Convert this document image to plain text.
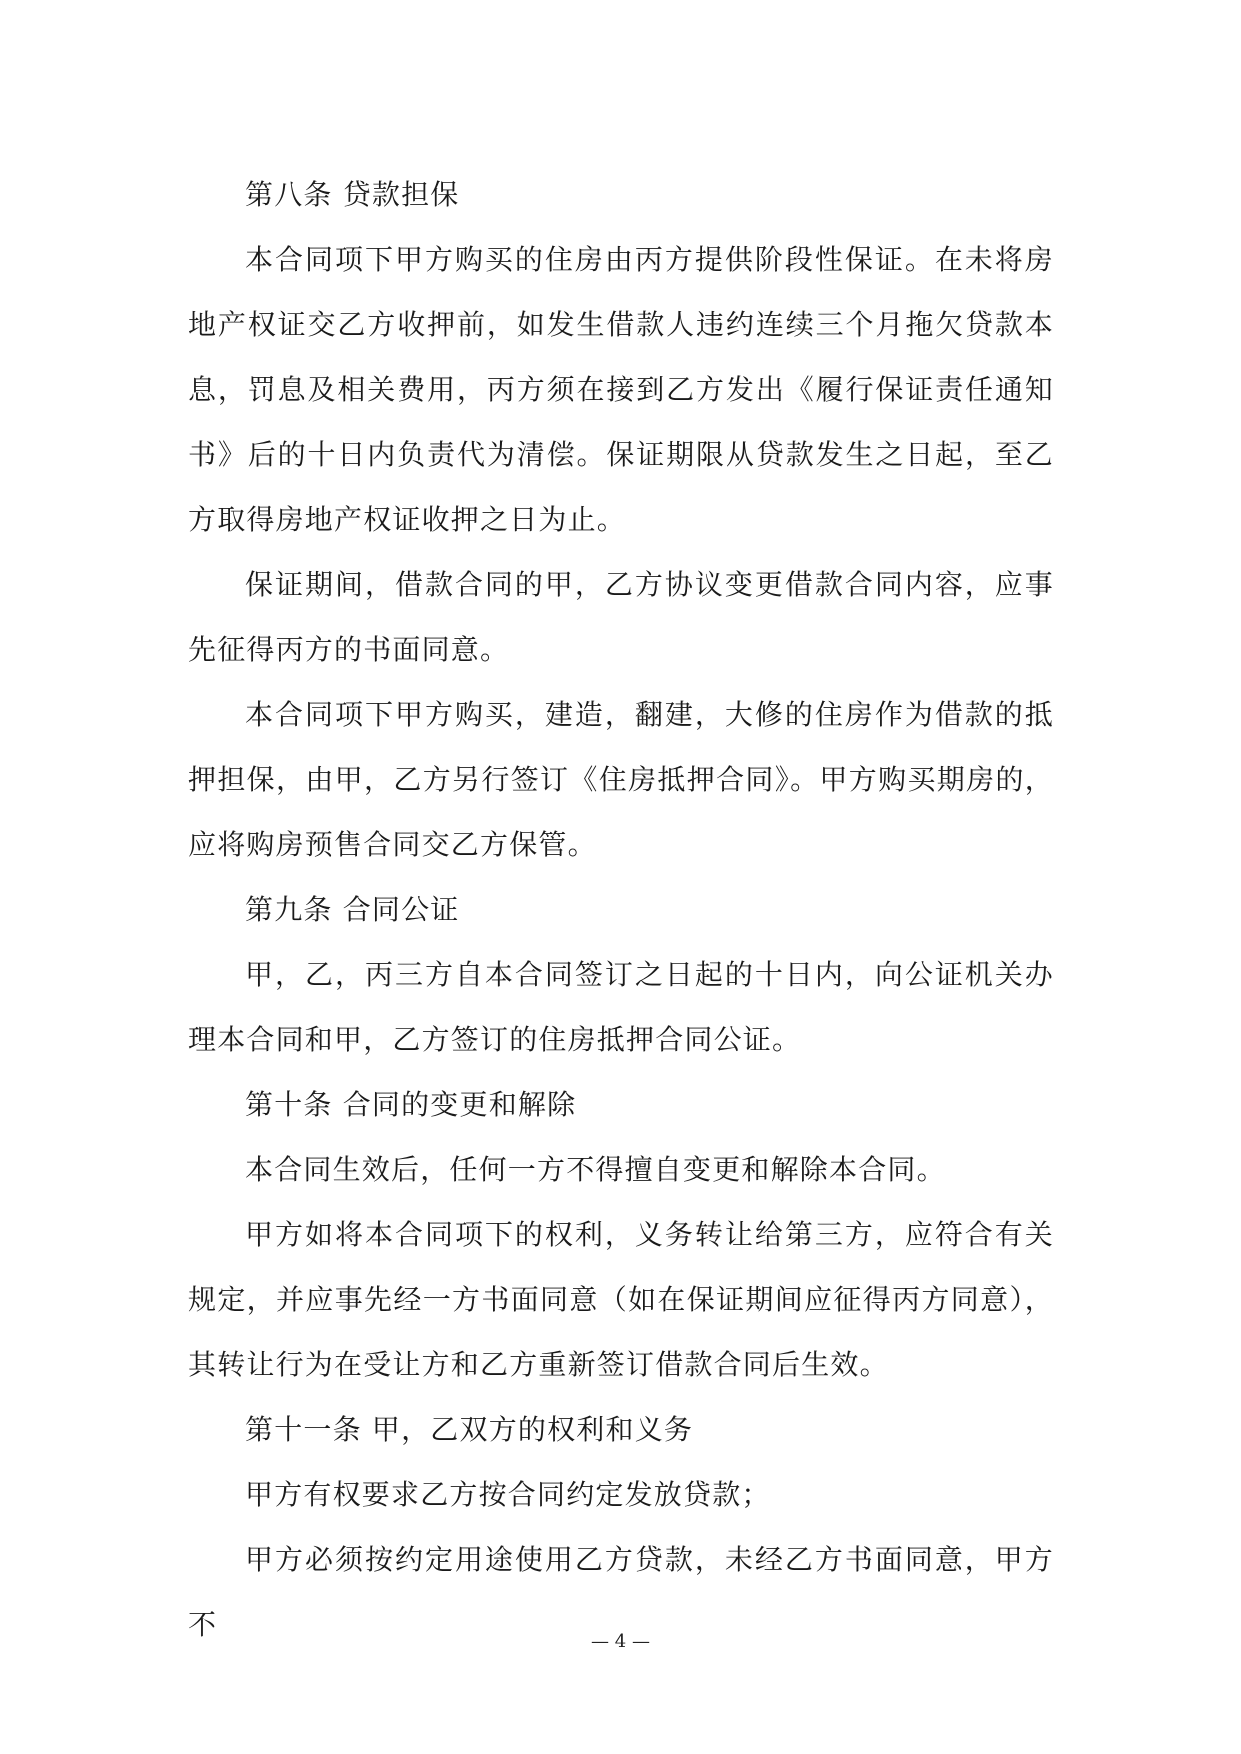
第八条 贷款担保

本合同项下甲方购买的住房由丙方提供阶段性保证。在未将房地产权证交乙方收押前，如发生借款人违约连续三个月拖欠贷款本息，罚息及相关费用，丙方须在接到乙方发出《履行保证责任通知书》后的十日内负责代为清偿。保证期限从贷款发生之日起，至乙方取得房地产权证收押之日为止。

保证期间，借款合同的甲，乙方协议变更借款合同内容，应事先征得丙方的书面同意。

本合同项下甲方购买，建造，翻建，大修的住房作为借款的抵押担保，由甲，乙方另行签订《住房抵押合同》。甲方购买期房的，应将购房预售合同交乙方保管。

第九条 合同公证

甲，乙，丙三方自本合同签订之日起的十日内，向公证机关办理本合同和甲，乙方签订的住房抵押合同公证。

第十条 合同的变更和解除

本合同生效后，任何一方不得擅自变更和解除本合同。

甲方如将本合同项下的权利，义务转让给第三方，应符合有关规定，并应事先经一方书面同意（如在保证期间应征得丙方同意），其转让行为在受让方和乙方重新签订借款合同后生效。

第十一条 甲，乙双方的权利和义务

甲方有权要求乙方按合同约定发放贷款；

甲方必须按约定用途使用乙方贷款，未经乙方书面同意，甲方不

— 4 —
